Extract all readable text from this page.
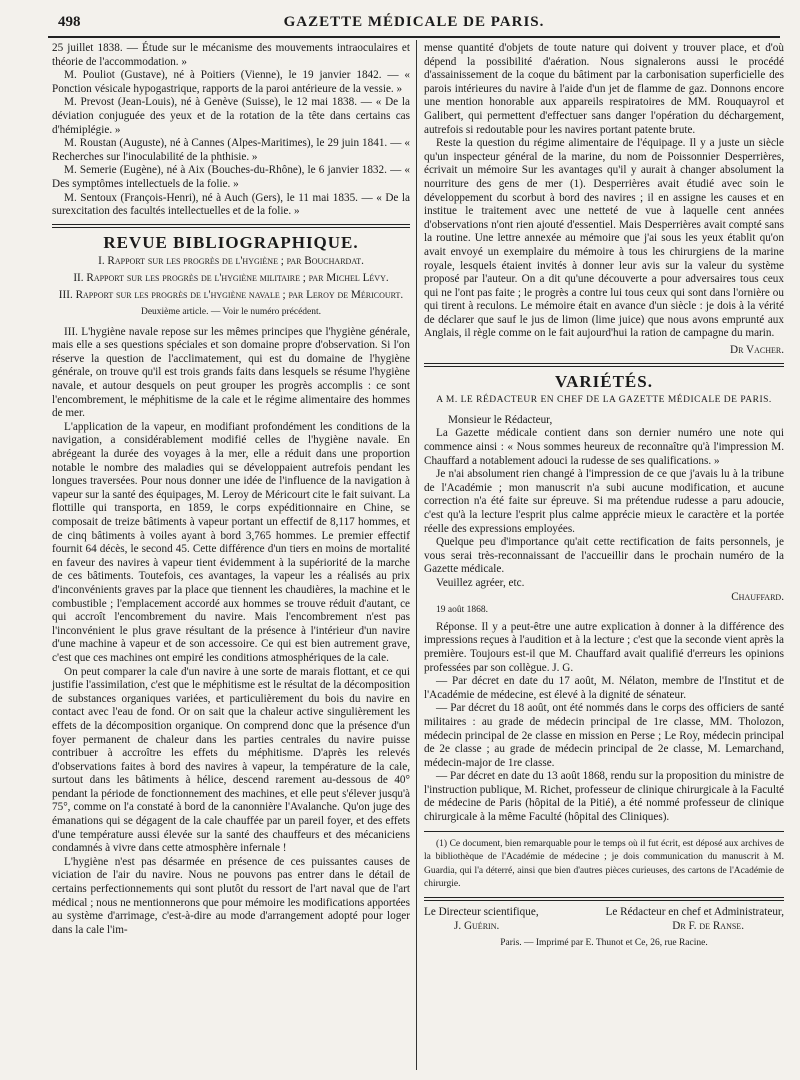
498	GAZETTE MÉDICALE DE PARIS.

25 juillet 1838. — Étude sur le mécanisme des mouvements intraoculaires et théorie de l'accommodation. »

M. Pouliot (Gustave), né à Poitiers (Vienne), le 19 janvier 1842. — « Ponction vésicale hypogastrique, rapports de la paroi antérieure de la vessie. »

M. Prevost (Jean-Louis), né à Genève (Suisse), le 12 mai 1838. — « De la déviation conjuguée des yeux et de la rotation de la tête dans certains cas d'hémiplégie. »

M. Roustan (Auguste), né à Cannes (Alpes-Maritimes), le 29 juin 1841. — « Recherches sur l'inoculabilité de la phthisie. »

M. Semerie (Eugène), né à Aix (Bouches-du-Rhône), le 6 janvier 1832. — « Des symptômes intellectuels de la folie. »

M. Sentoux (François-Henri), né à Auch (Gers), le 11 mai 1835. — « De la surexcitation des facultés intellectuelles et de la folie. »

REVUE BIBLIOGRAPHIQUE.

I. Rapport sur les progrès de l'hygiène ; par Bouchardat.

II. Rapport sur les progrès de l'hygiène militaire ; par Michel Lévy.

III. Rapport sur les progrès de l'hygiène navale ; par Leroy de Méricourt.

Deuxième article. — Voir le numéro précédent.

III. L'hygiène navale repose sur les mêmes principes que l'hygiène générale, mais elle a ses questions spéciales et son domaine propre d'observation. Si l'on réserve la question de l'acclimatement, qui est du domaine de l'hygiène générale, on trouve qu'il est trois grands faits dans lesquels se résume l'hygiène navale, et autour desquels on peut grouper les progrès accomplis : ce sont l'encombrement, le méphitisme de la cale et le régime alimentaire des hommes de mer.

L'application de la vapeur, en modifiant profondément les conditions de la navigation, a considérablement modifié celles de l'hygiène navale. En abrégeant la durée des voyages à la mer, elle a réduit dans une proportion notable le nombre des maladies qui se développaient autrefois pendant les longues traversées. Pour nous donner une idée de l'influence de la navigation à vapeur sur la santé des équipages, M. Leroy de Méricourt cite le fait suivant. La flottille qui transporta, en 1859, le corps expéditionnaire en Chine, se composait de treize bâtiments à vapeur portant un effectif de 8,117 hommes, et de cinq bâtiments à voiles ayant à bord 3,765 hommes. Le premier effectif fournit 64 décès, le second 45. Cette différence d'un tiers en moins de mortalité en faveur des navires à vapeur tient évidemment à la supériorité de la marche de ces bâtiments. Toutefois, ces avantages, la vapeur les a réalisés au prix d'inconvénients graves par la place que tiennent les chaudières, la machine et le combustible ; l'emplacement accordé aux hommes se trouve réduit d'autant, ce qui accroît l'encombrement du navire. Mais l'encombrement n'est pas l'inconvénient le plus grave résultant de la présence à l'intérieur d'un navire d'une machine à vapeur et de son accessoire. Ce qui est bien autrement grave, c'est que ces machines ont empiré les conditions atmosphériques de la cale.

On peut comparer la cale d'un navire à une sorte de marais flottant, et ce qui justifie l'assimilation, c'est que le méphitisme est le résultat de la décomposition de substances organiques variées, et particulièrement du bois du navire en contact avec l'eau de fond. Or on sait que la chaleur active singulièrement les effets de la décomposition organique. On comprend donc que la présence d'un foyer permanent de chaleur dans les parties centrales du navire puisse contribuer à accroître les effets du méphitisme. D'après les relevés d'observations faites à bord des navires à vapeur, la température de la cale, surtout dans les bâtiments à hélice, descend rarement au-dessous de 40° pendant la période de fonctionnement des machines, et elle peut s'élever jusqu'à 75°, comme on l'a constaté à bord de la canonnière l'Avalanche. Qu'on juge des émanations qui se dégagent de la cale chauffée par un pareil foyer, et des effets d'une température aussi élevée sur la santé des chauffeurs et des mécaniciens condamnés à vivre dans cette atmosphère infernale !

L'hygiène n'est pas désarmée en présence de ces puissantes causes de viciation de l'air du navire. Nous ne pouvons pas entrer dans le détail de certains perfectionnements qui sont plutôt du ressort de l'art naval que de l'art médical ; nous ne mentionnerons que pour mémoire les modifications apportées au système d'arrimage, c'est-à-dire au mode d'arrangement adopté pour loger dans la cale l'im-

mense quantité d'objets de toute nature qui doivent y trouver place, et d'où dépend la possibilité d'aération. Nous signalerons aussi le procédé d'assainissement de la coque du bâtiment par la carbonisation superficielle des parois intérieures du navire à l'aide d'un jet de flamme de gaz. Donnons encore une mention honorable aux appareils respiratoires de MM. Rouquayrol et Galibert, qui permettent d'effectuer sans danger l'opération du déchargement, autrefois si redoutable pour les navires portant patente brute.

Reste la question du régime alimentaire de l'équipage. Il y a juste un siècle qu'un inspecteur général de la marine, du nom de Poissonnier Desperrières, écrivait un mémoire Sur les avantages qu'il y aurait à changer absolument la nourriture des gens de mer (1). Desperrières avait étudié avec soin le développement du scorbut à bord des navires ; il en assigne les causes et en institue le traitement avec une netteté de vue à laquelle cent années d'observations n'ont rien ajouté d'essentiel. Mais Desperrières avait compté sans la routine. Une lettre annexée au mémoire que j'ai sous les yeux établit qu'on avait envoyé un exemplaire du mémoire à tous les chirurgiens de la marine royale, lesquels étaient invités à donner leur avis sur la valeur du système proposé par l'auteur. On a dit qu'une découverte a pour adversaires tous ceux qui ne l'ont pas faite ; le progrès a contre lui tous ceux qui sont dans l'ornière ou qui tirent à reculons. Le mémoire était en avance d'un siècle : je dois à la vérité de déclarer que sauf le jus de limon (lime juice) que nous avons emprunté aux Anglais, il règle comme on le fait aujourd'hui la ration de campagne du marin.

Dr Vacher.

VARIÉTÉS.
A M. LE RÉDACTEUR EN CHEF DE LA GAZETTE MÉDICALE DE PARIS.

Monsieur le Rédacteur,

La Gazette médicale contient dans son dernier numéro une note qui commence ainsi : « Nous sommes heureux de reconnaître qu'à l'impression M. Chauffard a notablement adouci la rudesse de ses qualifications. »

Je n'ai absolument rien changé à l'impression de ce que j'avais lu à la tribune de l'Académie ; mon manuscrit n'a subi aucune modification, et aucune correction n'a été faite sur épreuve. Si ma prétendue rudesse a paru adoucie, c'est qu'à la lecture l'esprit plus calme apprécie mieux le caractère et la portée réelle des expressions employées.

Quelque peu d'importance qu'ait cette rectification de faits personnels, je vous serai très-reconnaissant de l'accueillir dans le prochain numéro de la Gazette médicale.

Veuillez agréer, etc.

Chauffard.

19 août 1868.

Réponse. Il y a peut-être une autre explication à donner à la différence des impressions reçues à l'audition et à la lecture ; c'est que la seconde vient après la première. Toujours est-il que M. Chauffard avait qualifié d'erreurs les opinions professées par son collègue. J. G.

— Par décret en date du 17 août, M. Nélaton, membre de l'Institut et de l'Académie de médecine, est élevé à la dignité de sénateur.

— Par décret du 18 août, ont été nommés dans le corps des officiers de santé militaires : au grade de médecin principal de 1re classe, MM. Tholozon, médecin principal de 2e classe en mission en Perse ; Le Roy, médecin principal de 2e classe ; au grade de médecin principal de 2e classe, M. Lemarchand, médecin-major de 1re classe.

— Par décret en date du 13 août 1868, rendu sur la proposition du ministre de l'instruction publique, M. Richet, professeur de clinique chirurgicale à la Faculté de médecine de Paris (hôpital de la Pitié), a été nommé professeur de clinique chirurgicale à la même Faculté (hôpital des Cliniques).

(1) Ce document, bien remarquable pour le temps où il fut écrit, est déposé aux archives de la bibliothèque de l'Académie de médecine ; je dois communication du manuscrit à M. Guardia, qui l'a déterré, ainsi que bien d'autres pièces curieuses, des cartons de l'Académie de chirurgie.

Le Directeur scientifique,	Le Rédacteur en chef et Administrateur,
J. Guérin.	Dr F. de Ranse.

Paris. — Imprimé par E. Thunot et Ce, 26, rue Racine.
